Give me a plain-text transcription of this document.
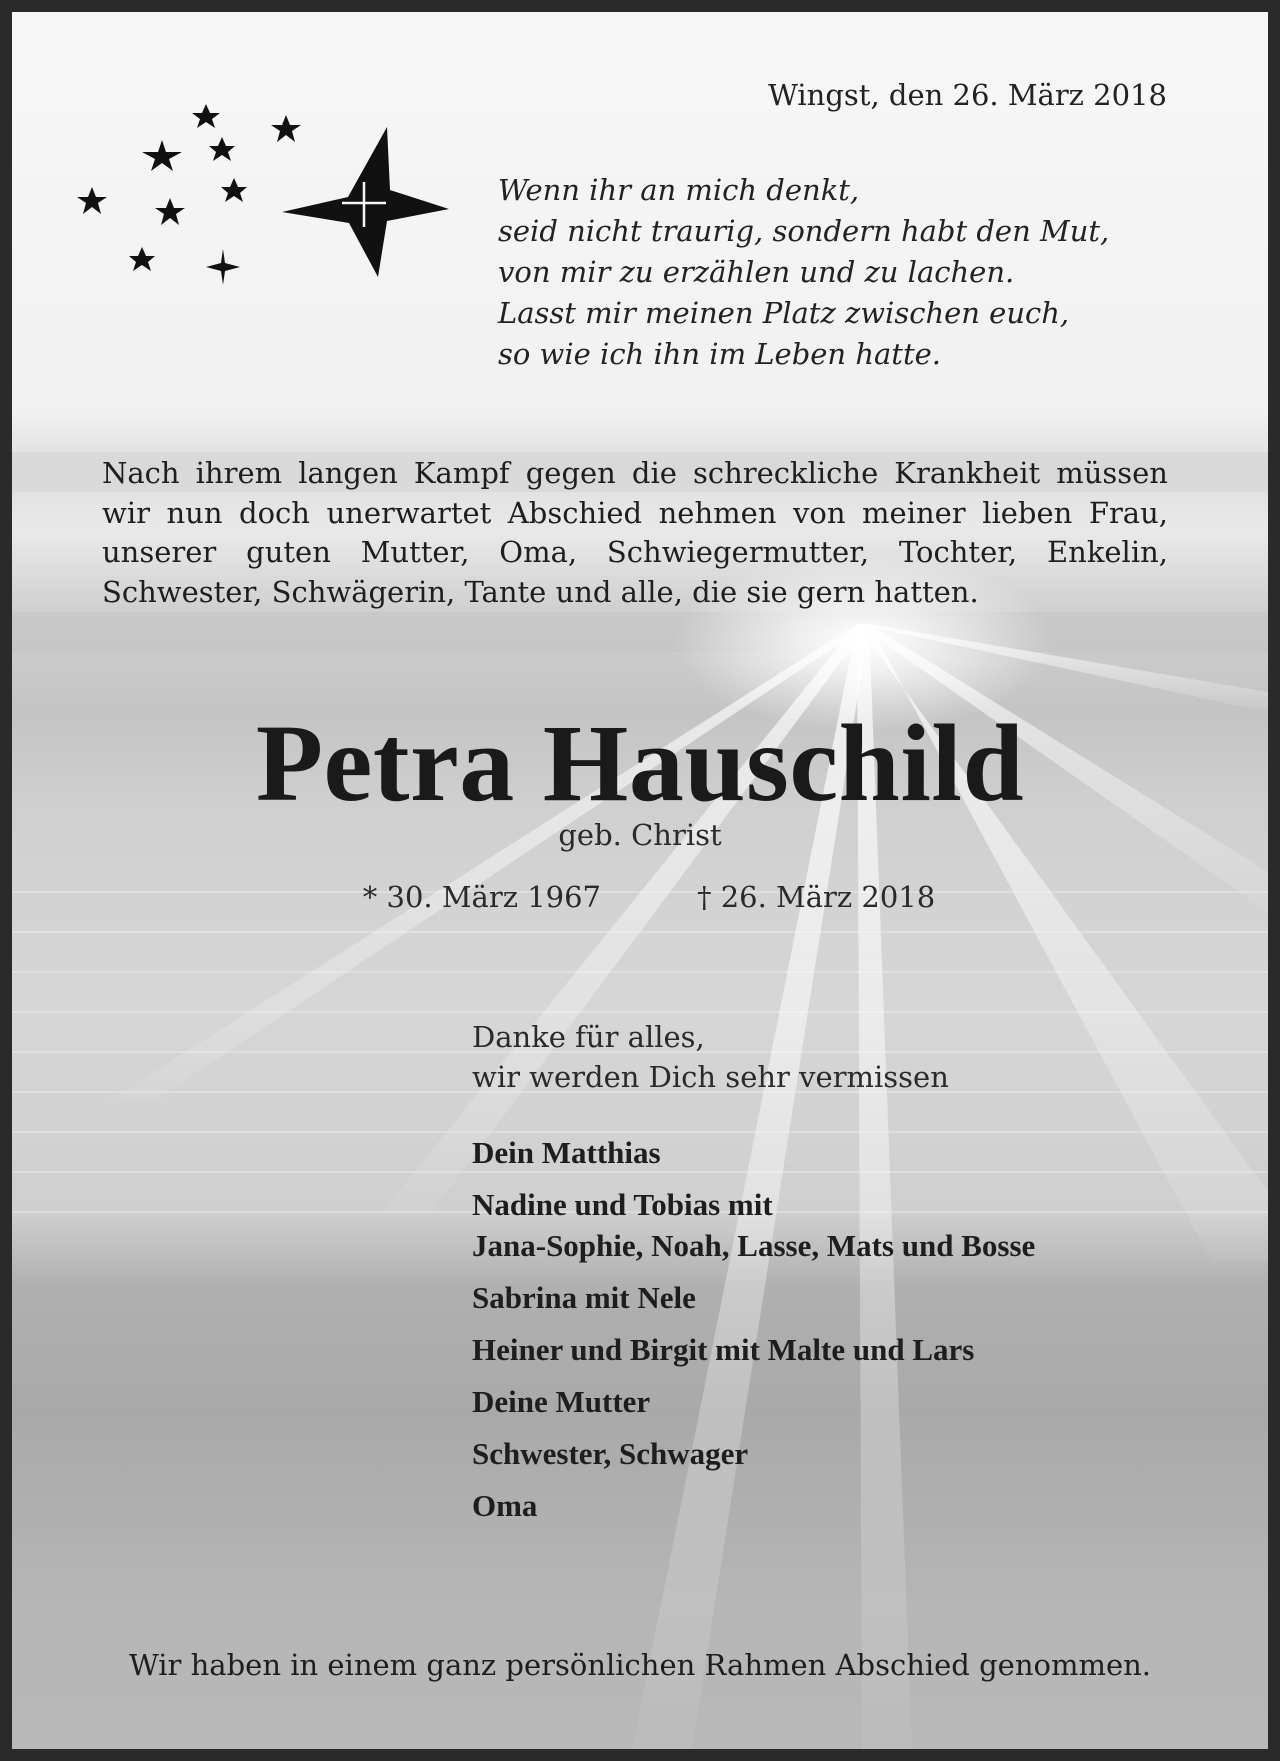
Wingst, den 26. März 2018

Wenn ihr an mich denkt,
seid nicht traurig, sondern habt den Mut,
von mir zu erzählen und zu lachen.
Lasst mir meinen Platz zwischen euch,
so wie ich ihn im Leben hatte.

Nach ihrem langen Kampf gegen die schreckliche Krankheit müssen wir nun doch unerwartet Abschied nehmen von meiner lieben Frau, unserer guten Mutter, Oma, Schwiegermutter, Tochter, Enkelin, Schwester, Schwägerin, Tante und alle, die sie gern hatten.

Petra Hauschild

geb. Christ

* 30. März 1967	† 26. März 2018

Danke für alles,
wir werden Dich sehr vermissen
Dein Matthias
Nadine und Tobias mit
Jana-Sophie, Noah, Lasse, Mats und Bosse
Sabrina mit Nele
Heiner und Birgit mit Malte und Lars
Deine Mutter
Schwester, Schwager
Oma

Wir haben in einem ganz persönlichen Rahmen Abschied genommen.
